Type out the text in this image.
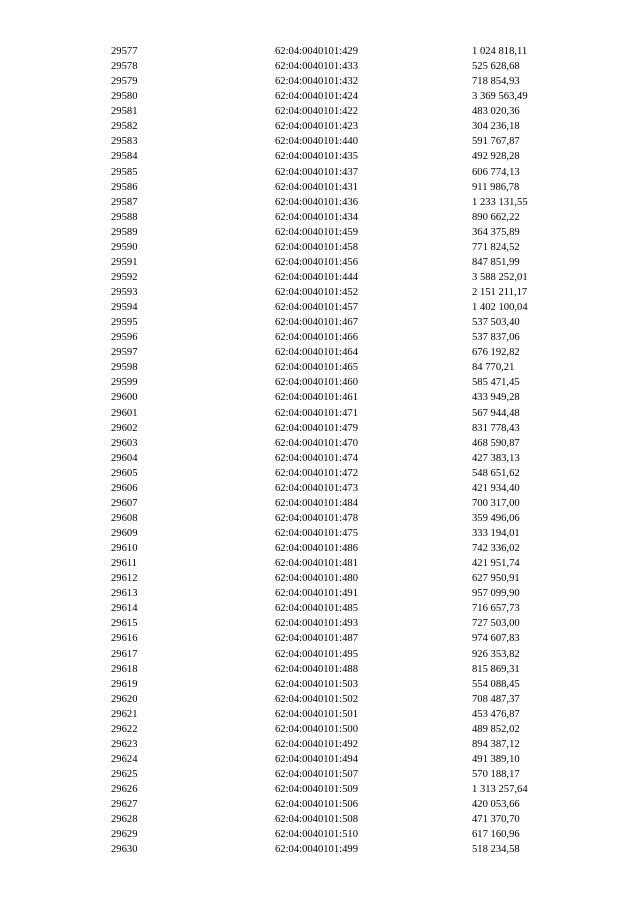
29577	62:04:0040101:429	1 024 818,11
29578	62:04:0040101:433	525 628,68
29579	62:04:0040101:432	718 854,93
29580	62:04:0040101:424	3 369 563,49
29581	62:04:0040101:422	483 020,36
29582	62:04:0040101:423	304 236,18
29583	62:04:0040101:440	591 767,87
29584	62:04:0040101:435	492 928,28
29585	62:04:0040101:437	606 774,13
29586	62:04:0040101:431	911 986,78
29587	62:04:0040101:436	1 233 131,55
29588	62:04:0040101:434	890 662,22
29589	62:04:0040101:459	364 375,89
29590	62:04:0040101:458	771 824,52
29591	62:04:0040101:456	847 851,99
29592	62:04:0040101:444	3 588 252,01
29593	62:04:0040101:452	2 151 211,17
29594	62:04:0040101:457	1 402 100,04
29595	62:04:0040101:467	537 503,40
29596	62:04:0040101:466	537 837,06
29597	62:04:0040101:464	676 192,82
29598	62:04:0040101:465	84 770,21
29599	62:04:0040101:460	585 471,45
29600	62:04:0040101:461	433 949,28
29601	62:04:0040101:471	567 944,48
29602	62:04:0040101:479	831 778,43
29603	62:04:0040101:470	468 590,87
29604	62:04:0040101:474	427 383,13
29605	62:04:0040101:472	548 651,62
29606	62:04:0040101:473	421 934,40
29607	62:04:0040101:484	700 317,00
29608	62:04:0040101:478	359 496,06
29609	62:04:0040101:475	333 194,01
29610	62:04:0040101:486	742 336,02
29611	62:04:0040101:481	421 951,74
29612	62:04:0040101:480	627 950,91
29613	62:04:0040101:491	957 099,90
29614	62:04:0040101:485	716 657,73
29615	62:04:0040101:493	727 503,00
29616	62:04:0040101:487	974 607,83
29617	62:04:0040101:495	926 353,82
29618	62:04:0040101:488	815 869,31
29619	62:04:0040101:503	554 088,45
29620	62:04:0040101:502	708 487,37
29621	62:04:0040101:501	453 476,87
29622	62:04:0040101:500	489 852,02
29623	62:04:0040101:492	894 387,12
29624	62:04:0040101:494	491 389,10
29625	62:04:0040101:507	570 188,17
29626	62:04:0040101:509	1 313 257,64
29627	62:04:0040101:506	420 053,66
29628	62:04:0040101:508	471 370,70
29629	62:04:0040101:510	617 160,96
29630	62:04:0040101:499	518 234,58
